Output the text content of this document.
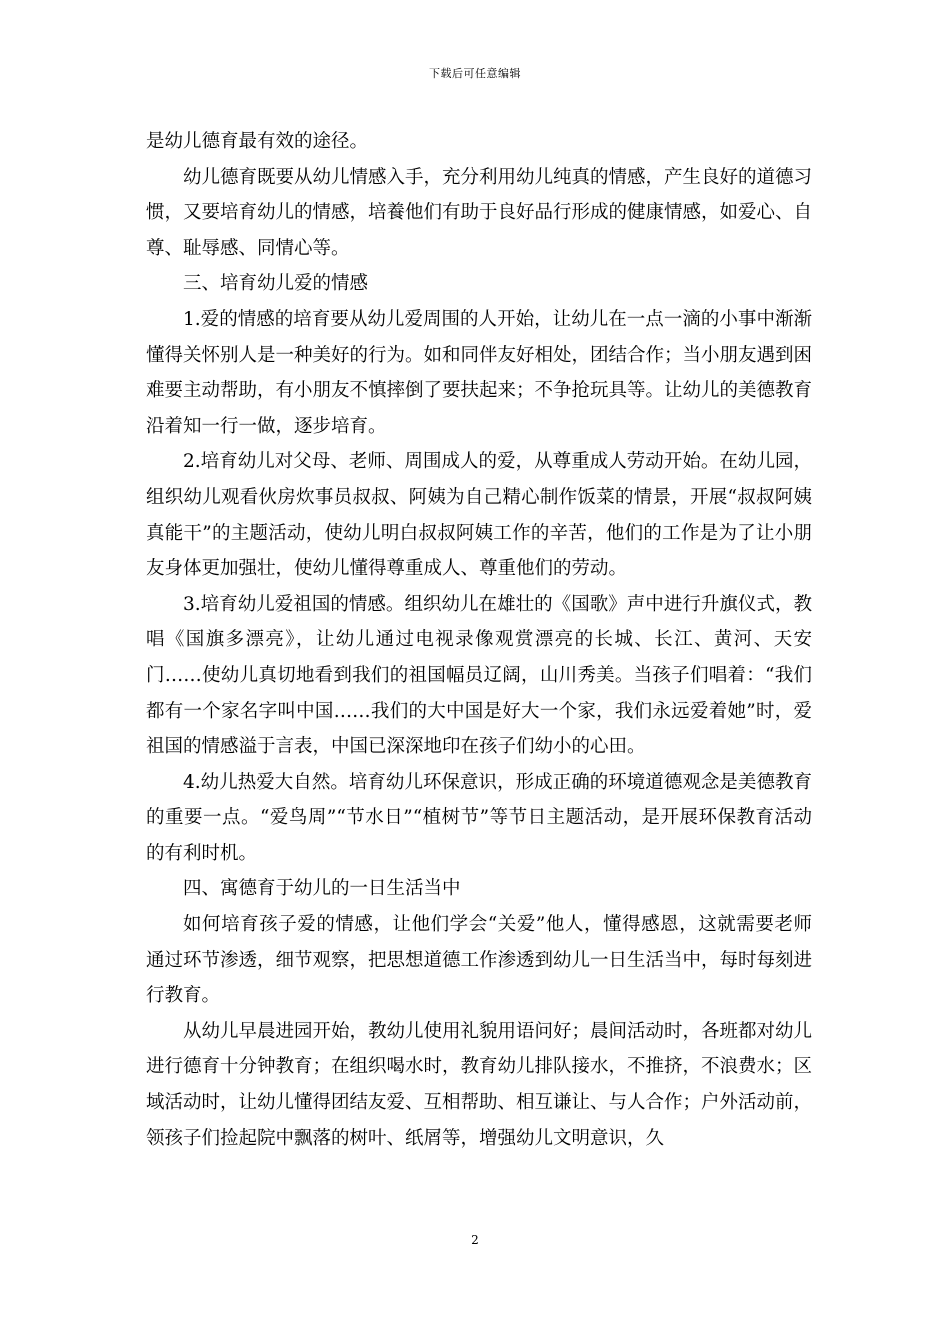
下载后可任意编辑

是幼儿德育最有效的途径。

幼儿德育既要从幼儿情感入手，充分利用幼儿纯真的情感，产生良好的道德习惯，又要培育幼儿的情感，培養他们有助于良好品行形成的健康情感，如爱心、自尊、耻辱感、同情心等。

三、培育幼儿爱的情感

1.爱的情感的培育要从幼儿爱周围的人开始，让幼儿在一点一滴的小事中渐渐懂得关怀别人是一种美好的行为。如和同伴友好相处，团结合作；当小朋友遇到困难要主动帮助，有小朋友不慎摔倒了要扶起来；不争抢玩具等。让幼儿的美德教育沿着知一行一做，逐步培育。

2.培育幼儿对父母、老师、周围成人的爱，从尊重成人劳动开始。在幼儿园，组织幼儿观看伙房炊事员叔叔、阿姨为自己精心制作饭菜的情景，开展“叔叔阿姨真能干”的主题活动，使幼儿明白叔叔阿姨工作的辛苦，他们的工作是为了让小朋友身体更加强壮，使幼儿懂得尊重成人、尊重他们的劳动。

3.培育幼儿爱祖国的情感。组织幼儿在雄壮的《国歌》声中进行升旗仪式，教唱《国旗多漂亮》，让幼儿通过电视录像观赏漂亮的长城、长江、黄河、天安门……使幼儿真切地看到我们的祖国幅员辽阔，山川秀美。当孩子们唱着：“我们都有一个家名字叫中国……我们的大中国是好大一个家，我们永远爱着她”时，爱祖国的情感溢于言表，中国已深深地印在孩子们幼小的心田。

4.幼儿热爱大自然。培育幼儿环保意识，形成正确的环境道德观念是美德教育的重要一点。“爱鸟周”“节水日”“植树节”等节日主题活动，是开展环保教育活动的有利时机。

四、寓德育于幼儿的一日生活当中

如何培育孩子爱的情感，让他们学会“关爱”他人，懂得感恩，这就需要老师通过环节渗透，细节观察，把思想道德工作渗透到幼儿一日生活当中，每时每刻进行教育。

从幼儿早晨进园开始，教幼儿使用礼貌用语问好；晨间活动时，各班都对幼儿进行德育十分钟教育；在组织喝水时，教育幼儿排队接水，不推挤，不浪费水；区域活动时，让幼儿懂得团结友爱、互相帮助、相互谦让、与人合作；户外活动前，领孩子们捡起院中飘落的树叶、纸屑等，增强幼儿文明意识，久

2
